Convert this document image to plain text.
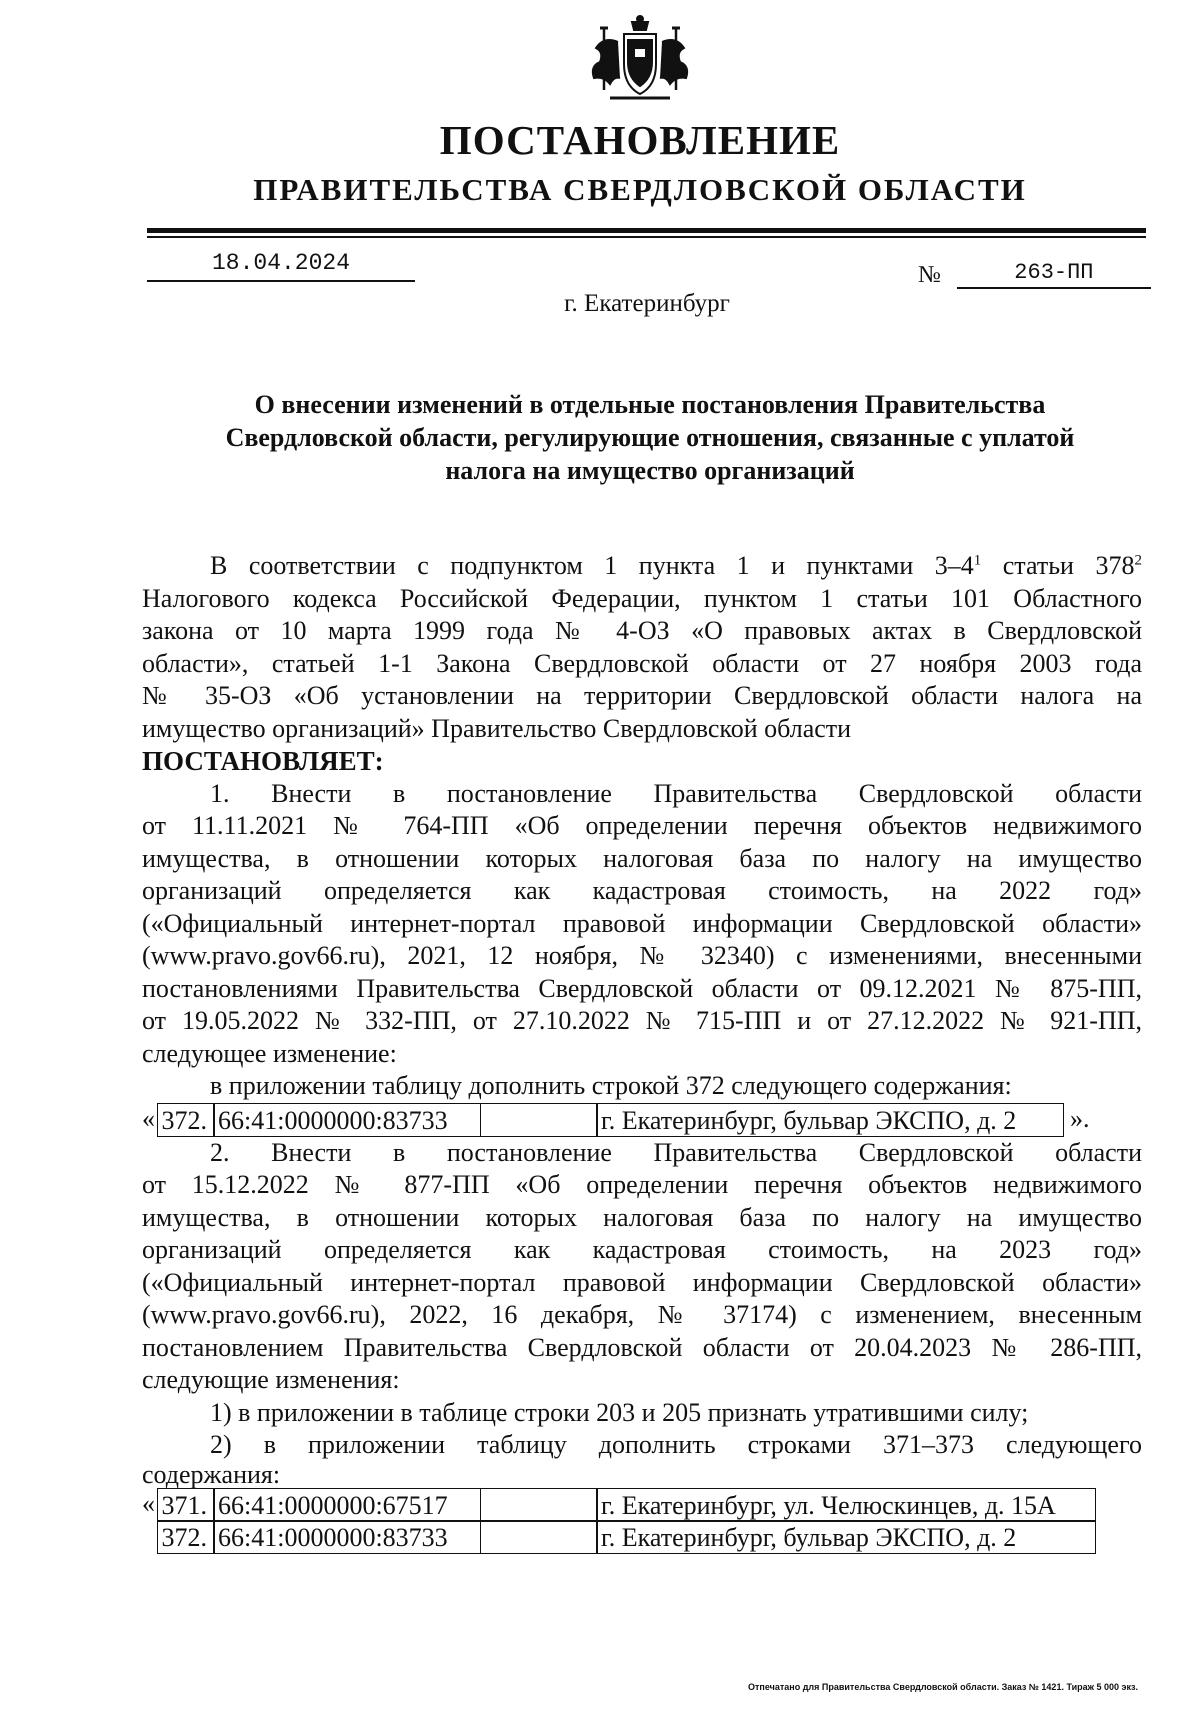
ПОСТАНОВЛЕНИЕ
ПРАВИТЕЛЬСТВА СВЕРДЛОВСКОЙ ОБЛАСТИ
18.04.2024	№	263-ПП
г. Екатеринбург
О внесении изменений в отдельные постановления Правительства
Свердловской области, регулирующие отношения, связанные с уплатой
налога на имущество организаций

В соответствии с подпунктом 1 пункта 1 и пунктами $3-4^1$ статьи $378^2$

Налогового кодекса Российской Федерации, пунктом 1 статьи 101 Областного

закона от 10 марта 1999 года № 4-ОЗ «О правовых актах в Свердловской

области», статьей 1-1 Закона Свердловской области от 27 ноября 2003 года

№ 35-ОЗ «Об установлении на территории Свердловской области налога на

имущество организаций» Правительство Свердловской области

ПОСТАНОВЛЯЕТ:

1. Внести в постановление Правительства Свердловской области

от 11.11.2021 № 764-ПП «Об определении перечня объектов недвижимого

имущества, в отношении которых налоговая база по налогу на имущество

организаций определяется как кадастровая стоимость, на 2022 год»

(«Официальный интернет-портал правовой информации Свердловской области»

(www.pravo.gov66.ru), 2021, 12 ноября, № 32340) с изменениями, внесенными

постановлениями Правительства Свердловской области от 09.12.2021 № 875-ПП,

от 19.05.2022 № 332-ПП, от 27.10.2022 № 715-ПП и от 27.12.2022 № 921-ПП,

следующее изменение:

в приложении таблицу дополнить строкой 372 следующего содержания:

« 372. 66:41:0000000:83733	г. Екатеринбург, бульвар ЭКСПО, д. 2	».

2. Внести в постановление Правительства Свердловской области

от 15.12.2022 № 877-ПП «Об определении перечня объектов недвижимого

имущества, в отношении которых налоговая база по налогу на имущество

организаций определяется как кадастровая стоимость, на 2023 год»

(«Официальный интернет-портал правовой информации Свердловской области»

(www.pravo.gov66.ru), 2022, 16 декабря, № 37174) с изменением, внесенным

постановлением Правительства Свердловской области от 20.04.2023 № 286-ПП,

следующие изменения:

1) в приложении в таблице строки 203 и 205 признать утратившими силу;

2) в приложении таблицу дополнить строками 371–373 следующего

содержания:

« 371. 66:41:0000000:67517	г. Екатеринбург, ул. Челюскинцев, д. 15А
372. 66:41:0000000:83733	г. Екатеринбург, бульвар ЭКСПО, д. 2
Отпечатано для Правительства Свердловской области. Заказ № 1421. Тираж 5 000 экз.
